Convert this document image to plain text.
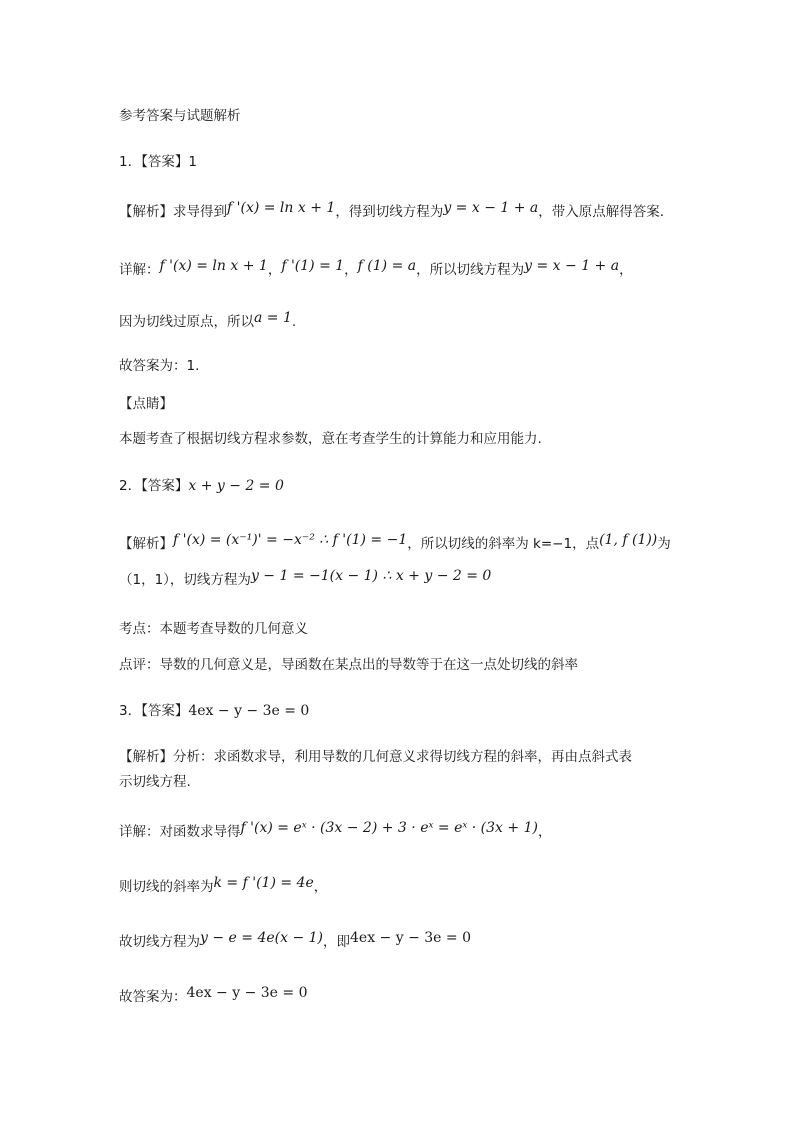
参考答案与试题解析
1．【答案】1
【解析】求导得到f '(x) = ln x + 1，得到切线方程为y = x − 1 + a，带入原点解得答案.
详解：f '(x) = ln x + 1，f '(1) = 1，f (1) = a，所以切线方程为y = x − 1 + a，
因为切线过原点，所以a = 1.
故答案为：1.
【点睛】
本题考查了根据切线方程求参数，意在考查学生的计算能力和应用能力.
2．【答案】x + y − 2 = 0
【解析】f '(x) = (x⁻¹)' = −x⁻² ∴ f '(1) = −1，所以切线的斜率为 k=−1，点(1, f (1))为
（1，1），切线方程为y − 1 = −1(x − 1) ∴ x + y − 2 = 0
考点：本题考查导数的几何意义
点评：导数的几何意义是，导函数在某点出的导数等于在这一点处切线的斜率
3．【答案】4ex − y − 3e = 0
【解析】分析：求函数求导，利用导数的几何意义求得切线方程的斜率，再由点斜式表
示切线方程.
详解：对函数求导得f '(x) = eˣ · (3x − 2) + 3 · eˣ = eˣ · (3x + 1)，
则切线的斜率为k = f '(1) = 4e，
故切线方程为y − e = 4e(x − 1)，即4ex − y − 3e = 0
故答案为：4ex − y − 3e = 0
